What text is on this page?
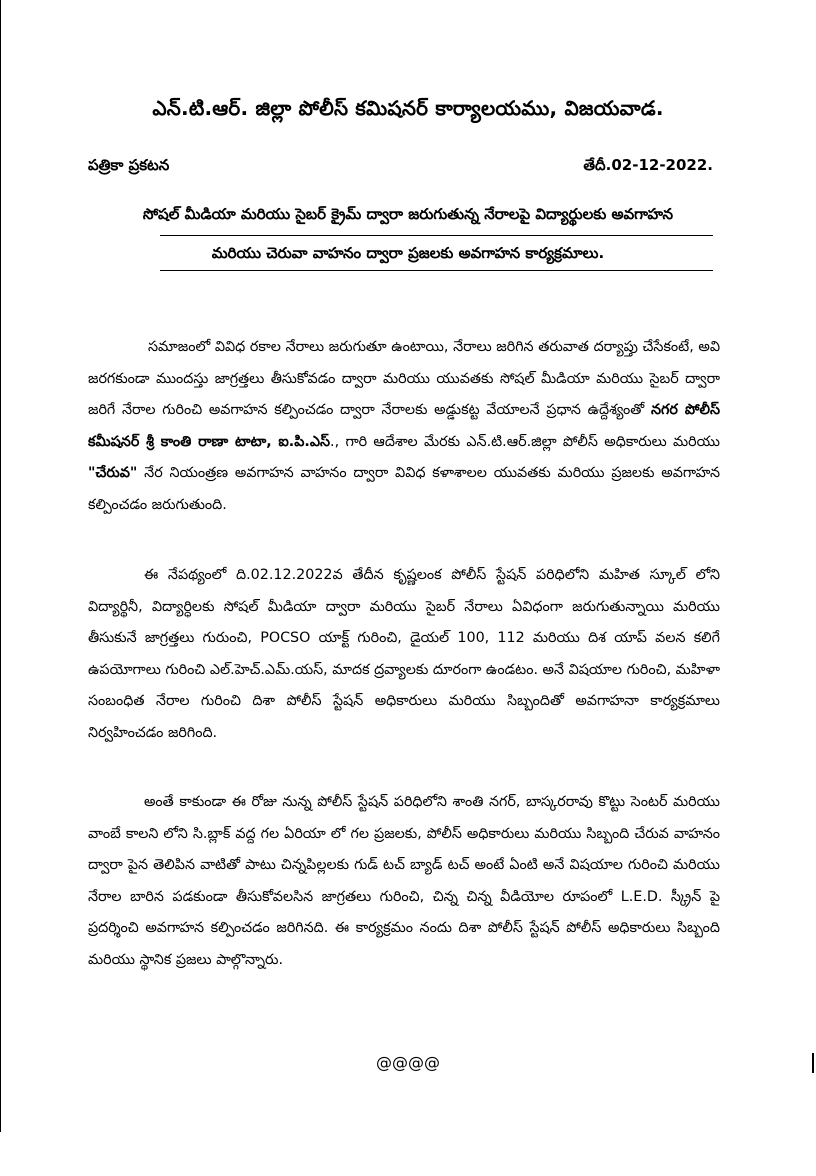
ఎన్.టి.ఆర్. జిల్లా పోలీస్ కమిషనర్ కార్యాలయము, విజయవాడ.
పత్రికా ప్రకటన	తేదీ.02-12-2022.
సోషల్ మీడియా మరియు సైబర్ క్రైమ్ ద్వారా జరుగుతున్న నేరాలపై విద్యార్థులకు అవగాహన
మరియు చెరువా వాహనం ద్వారా ప్రజలకు అవగాహన కార్యక్రమాలు.

సమాజంలో వివిధ రకాల నేరాలు జరుగుతూ ఉంటాయి, నేరాలు జరిగిన తరువాత దర్యాప్తు చేసేకంటే, అవి జరగకుండా ముందస్తు జాగ్రత్తలు తీసుకోవడం ద్వారా మరియు యువతకు సోషల్ మీడియా మరియు సైబర్ ద్వారా జరిగే నేరాల గురించి అవగాహన కల్పించడం ద్వారా నేరాలకు అడ్డుకట్ట వేయాలనే ప్రధాన ఉద్దేశ్యంతో నగర పోలీస్ కమీషనర్ శ్రీ కాంతి రాణా టాటా, ఐ.పి.ఎస్., గారి ఆదేశాల మేరకు ఎన్.టి.ఆర్.జిల్లా పోలీస్ అధికారులు మరియు "చేరువ" నేర నియంత్రణ అవగాహన వాహనం ద్వారా వివిధ కళాశాలల యువతకు మరియు ప్రజలకు అవగాహన కల్పించడం జరుగుతుంది.

ఈ నేపథ్యంలో ది.02.12.2022వ తేదీన కృష్ణలంక పోలీస్ స్టేషన్ పరిధిలోని మహిత స్కూల్ లోని విద్యార్థినీ, విద్యార్ధిలకు సోషల్ మీడియా ద్వారా మరియు సైబర్ నేరాలు ఏవిధంగా జరుగుతున్నాయి మరియు తీసుకునే జాగ్రత్తలు గురుంచి, POCSO యాక్ట్ గురించి, డైయల్ 100, 112 మరియు దిశ యాప్ వలన కలిగే ఉపయోగాలు గురించి ఎల్.హెచ్.ఎమ్.యస్, మాదక ద్రవ్యాలకు దూరంగా ఉండటం. అనే విషయాల గురించి, మహిళా సంబంధిత నేరాల గురించి దిశా పోలీస్ స్టేషన్ అధికారులు మరియు సిబ్బందితో అవగాహనా కార్యక్రమాలు నిర్వహించడం జరిగింది.

అంతే కాకుండా ఈ రోజు నున్న పోలీస్ స్టేషన్ పరిధిలోని శాంతి నగర్, బాస్కరరావు కొట్టు సెంటర్ మరియు వాంబే కాలని లోని సి.బ్లాక్ వద్ద గల ఏరియా లో గల ప్రజలకు, పోలీస్ అధికారులు మరియు సిబ్బంది చేరువ వాహనం ద్వారా పైన తెలిపిన వాటితో పాటు చిన్నపిల్లలకు గుడ్ టచ్ బ్యాడ్ టచ్ అంటే ఏంటి అనే విషయాల గురించి మరియు నేరాల బారిన పడకుండా తీసుకోవలసిన జాగ్రతలు గురించి, చిన్న చిన్న వీడియోల రూపంలో L.E.D. స్క్రీన్ పై ప్రదర్శించి అవగాహన కల్పించడం జరిగినది. ఈ కార్యక్రమం నందు దిశా పోలీస్ స్టేషన్ పోలీస్ అధికారులు సిబ్బంది మరియు స్థానిక ప్రజలు పాల్గొన్నారు.

@@@@
